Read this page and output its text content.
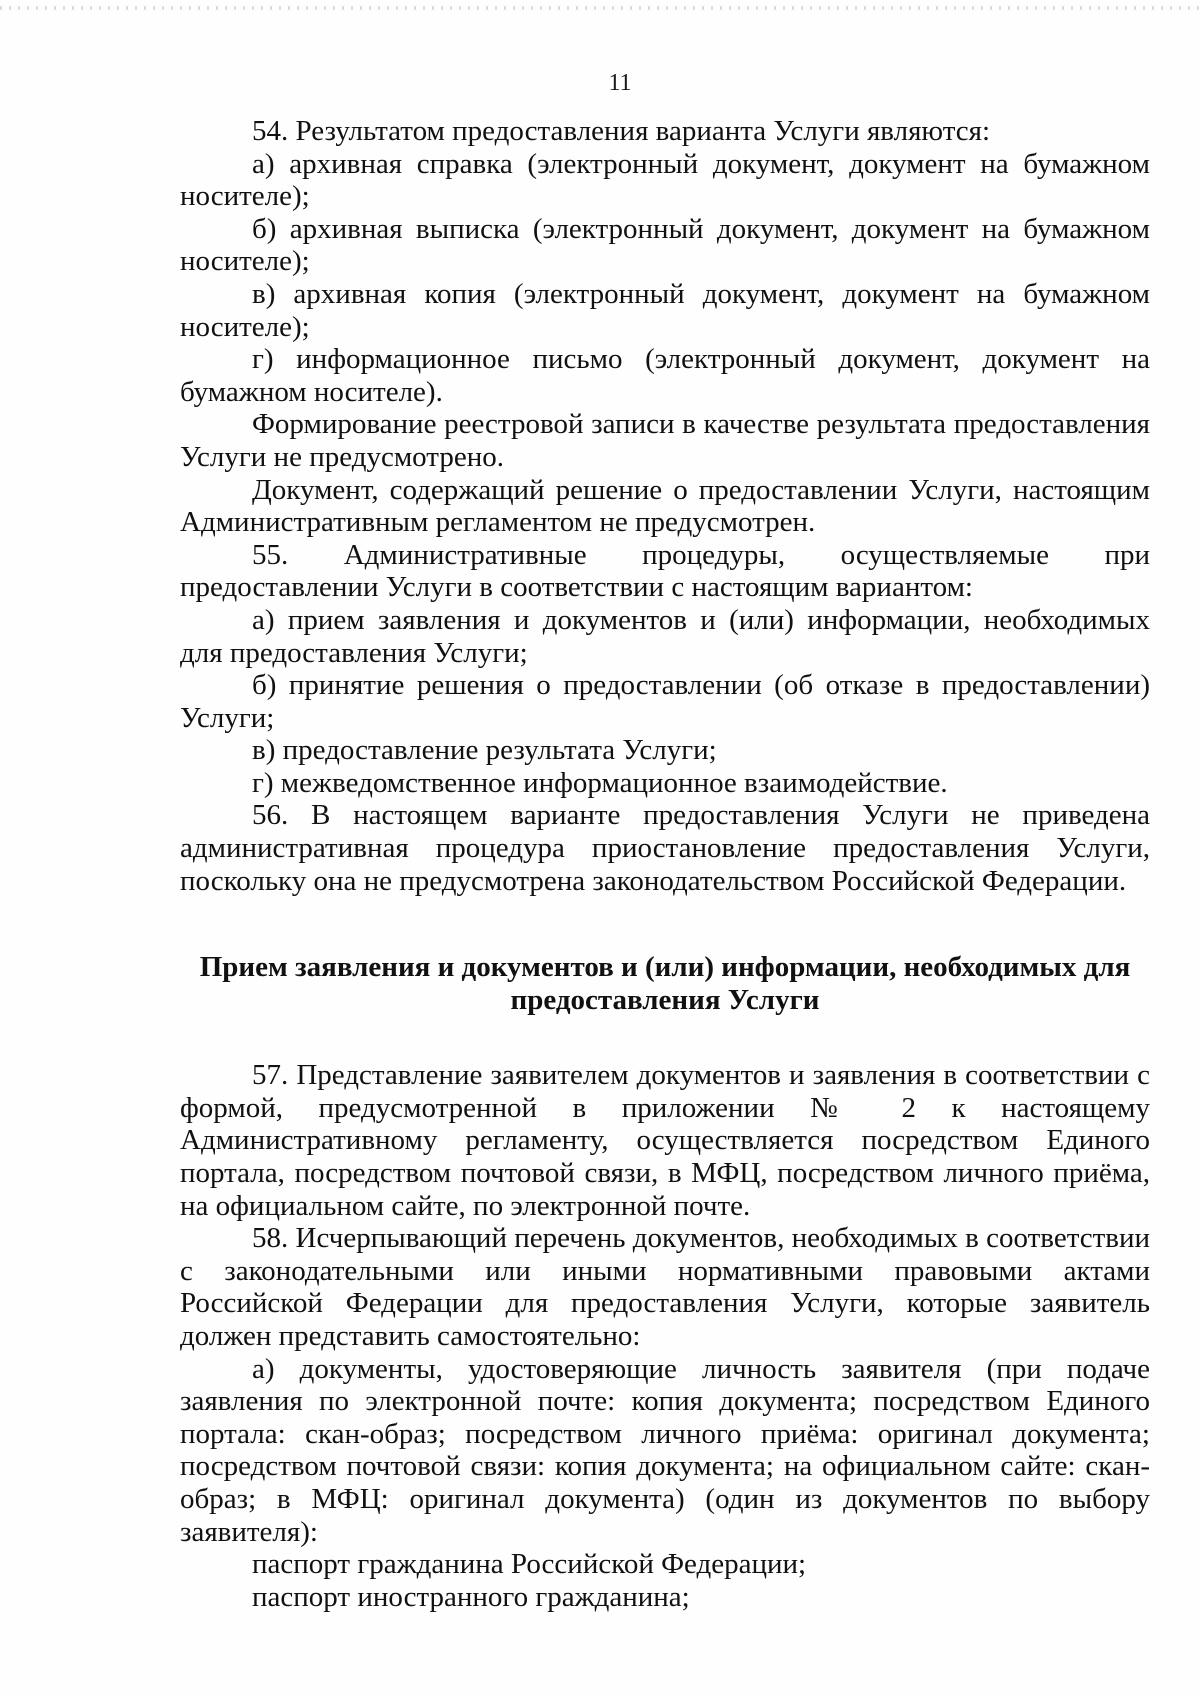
11

54. Результатом предоставления варианта Услуги являются:

а) архивная справка (электронный документ, документ на бумажном носителе);

б) архивная выписка (электронный документ, документ на бумажном носителе);

в) архивная копия (электронный документ, документ на бумажном носителе);

г) информационное письмо (электронный документ, документ на бумажном носителе).

Формирование реестровой записи в качестве результата предоставления Услуги не предусмотрено.

Документ, содержащий решение о предоставлении Услуги, настоящим Административным регламентом не предусмотрен.

55. Административные процедуры, осуществляемые при предоставлении Услуги в соответствии с настоящим вариантом:

а) прием заявления и документов и (или) информации, необходимых для предоставления Услуги;

б) принятие решения о предоставлении (об отказе в предоставлении) Услуги;

в) предоставление результата Услуги;

г) межведомственное информационное взаимодействие.

56. В настоящем варианте предоставления Услуги не приведена административная процедура приостановление предоставления Услуги, поскольку она не предусмотрена законодательством Российской Федерации.

Прием заявления и документов и (или) информации, необходимых для
предоставления Услуги

57. Представление заявителем документов и заявления в соответствии с формой, предусмотренной в приложении № 2 к настоящему Административному регламенту, осуществляется посредством Единого портала, посредством почтовой связи, в МФЦ, посредством личного приёма, на официальном сайте, по электронной почте.

58. Исчерпывающий перечень документов, необходимых в соответствии с законодательными или иными нормативными правовыми актами Российской Федерации для предоставления Услуги, которые заявитель должен представить самостоятельно:

а) документы, удостоверяющие личность заявителя (при подаче заявления по электронной почте: копия документа; посредством Единого портала: скан-образ; посредством личного приёма: оригинал документа; посредством почтовой связи: копия документа; на официальном сайте: скан-образ; в МФЦ: оригинал документа) (один из документов по выбору заявителя):

паспорт гражданина Российской Федерации;

паспорт иностранного гражданина;
